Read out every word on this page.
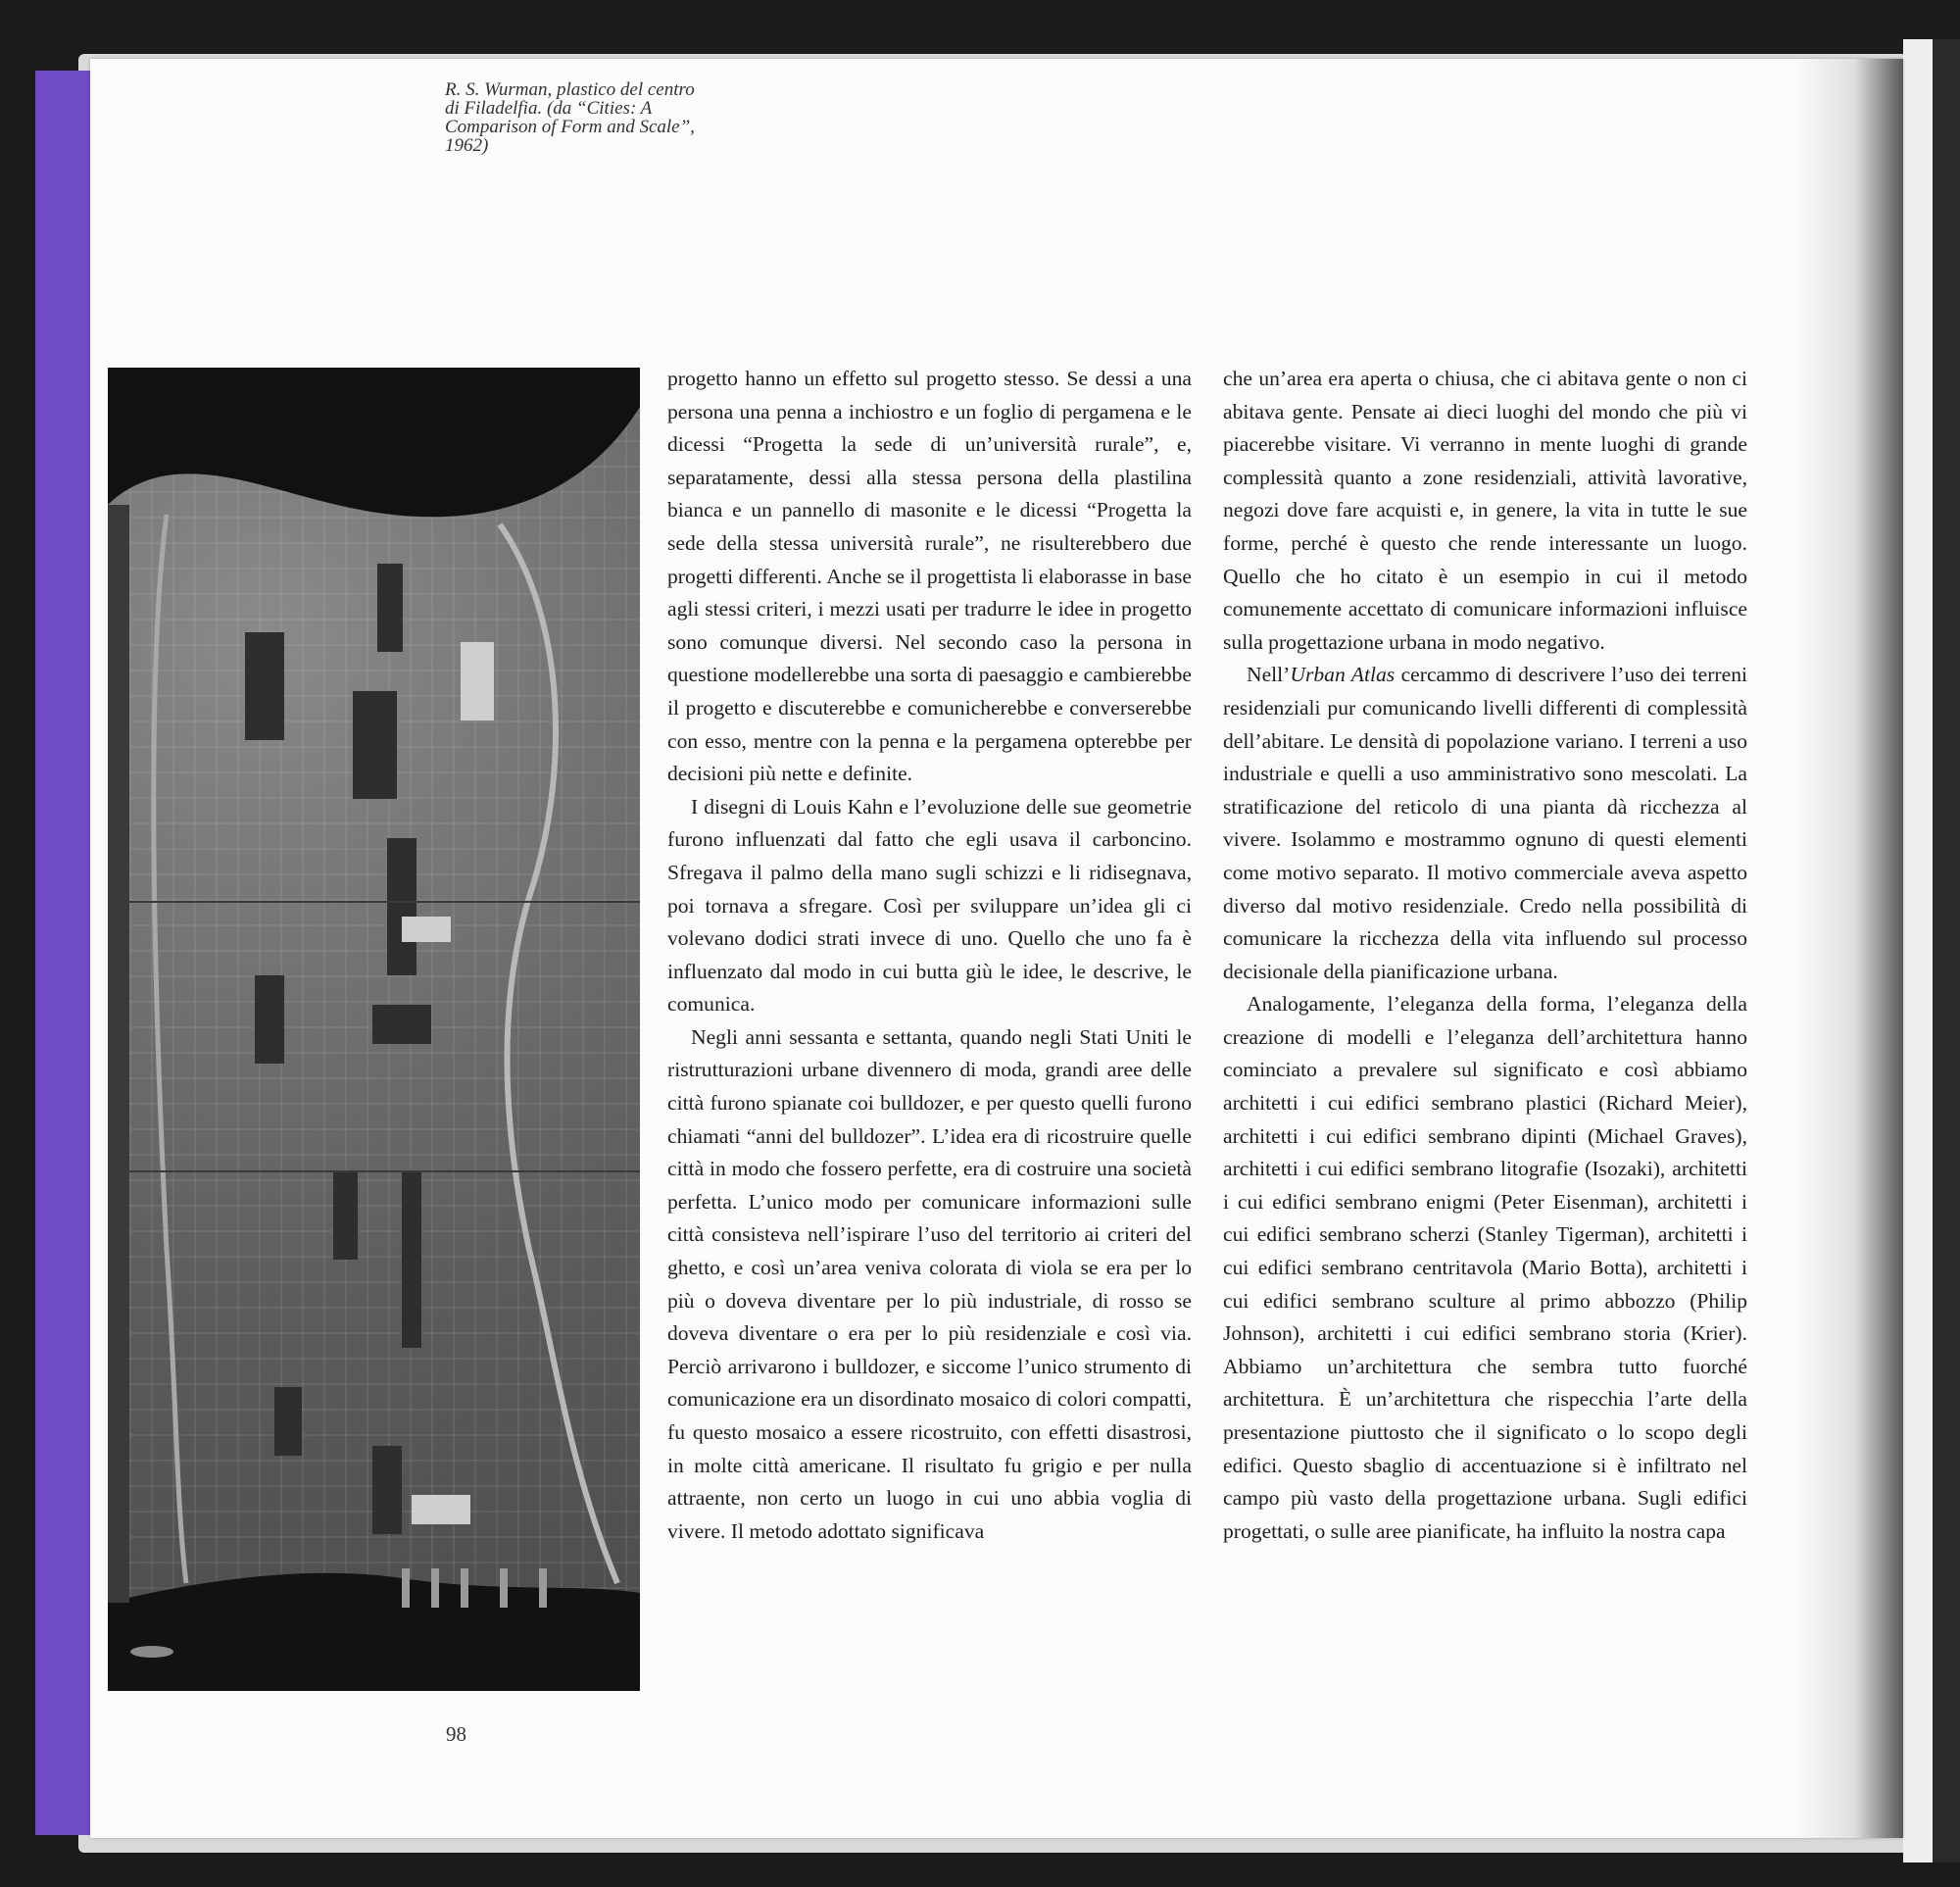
R. S. Wurman, plastico del centro
di Filadelfia. (da “Cities: A
Comparison of Form and Scale”,
1962)

progetto hanno un effetto sul progetto stesso. Se dessi a una persona una penna a inchiostro e un foglio di pergamena e le dicessi “Progetta la sede di un’università rurale”, e, separatamente, dessi alla stessa persona della plastilina bianca e un pannello di masonite e le dicessi “Progetta la sede della stessa università rurale”, ne risulterebbero due progetti differenti. Anche se il progettista li elaborasse in base agli stessi criteri, i mezzi usati per tradurre le idee in progetto sono comunque diversi. Nel secondo caso la persona in questione modellerebbe una sorta di paesaggio e cambierebbe il progetto e discuterebbe e comunicherebbe e converserebbe con esso, mentre con la penna e la pergamena opterebbe per decisioni più nette e definite.

I disegni di Louis Kahn e l’evoluzione delle sue geometrie furono influenzati dal fatto che egli usava il carboncino. Sfregava il palmo della mano sugli schizzi e li ridisegnava, poi tornava a sfregare. Così per sviluppare un’idea gli ci volevano dodici strati invece di uno. Quello che uno fa è influenzato dal modo in cui butta giù le idee, le descrive, le comunica.

Negli anni sessanta e settanta, quando negli Stati Uniti le ristrutturazioni urbane divennero di moda, grandi aree delle città furono spianate coi bulldozer, e per questo quelli furono chiamati “anni del bulldozer”. L’idea era di ricostruire quelle città in modo che fossero perfette, era di costruire una società perfetta. L’unico modo per comunicare informazioni sulle città consisteva nell’ispirare l’uso del territorio ai criteri del ghetto, e così un’area veniva colorata di viola se era per lo più o doveva diventare per lo più industriale, di rosso se doveva diventare o era per lo più residenziale e così via. Perciò arrivarono i bulldozer, e siccome l’unico strumento di comunicazione era un disordinato mosaico di colori compatti, fu questo mosaico a essere ricostruito, con effetti disastrosi, in molte città americane. Il risultato fu grigio e per nulla attraente, non certo un luogo in cui uno abbia voglia di vivere. Il metodo adottato significava

che un’area era aperta o chiusa, che ci abitava gente o non ci abitava gente. Pensate ai dieci luoghi del mondo che più vi piacerebbe visitare. Vi verranno in mente luoghi di grande complessità quanto a zone residenziali, attività lavorative, negozi dove fare acquisti e, in genere, la vita in tutte le sue forme, perché è questo che rende interessante un luogo. Quello che ho citato è un esempio in cui il metodo comunemente accettato di comunicare informazioni influisce sulla progettazione urbana in modo negativo.

Nell’Urban Atlas cercammo di descrivere l’uso dei terreni residenziali pur comunicando livelli differenti di complessità dell’abitare. Le densità di popolazione variano. I terreni a uso industriale e quelli a uso amministrativo sono mescolati. La stratificazione del reticolo di una pianta dà ricchezza al vivere. Isolammo e mostrammo ognuno di questi elementi come motivo separato. Il motivo commerciale aveva aspetto diverso dal motivo residenziale. Credo nella possibilità di comunicare la ricchezza della vita influendo sul processo decisionale della pianificazione urbana.

Analogamente, l’eleganza della forma, l’eleganza della creazione di modelli e l’eleganza dell’architettura hanno cominciato a prevalere sul significato e così abbiamo architetti i cui edifici sembrano plastici (Richard Meier), architetti i cui edifici sembrano dipinti (Michael Graves), architetti i cui edifici sembrano litografie (Isozaki), architetti i cui edifici sembrano enigmi (Peter Eisenman), architetti i cui edifici sembrano scherzi (Stanley Tigerman), architetti i cui edifici sembrano centritavola (Mario Botta), architetti i cui edifici sembrano sculture al primo abbozzo (Philip Johnson), architetti i cui edifici sembrano storia (Krier). Abbiamo un’architettura che sembra tutto fuorché architettura. È un’architettura che rispecchia l’arte della presentazione piuttosto che il significato o lo scopo degli edifici. Questo sbaglio di accentuazione si è infiltrato nel campo più vasto della progettazione urbana. Sugli edifici progettati, o sulle aree pianificate, ha influito la nostra capa

98
